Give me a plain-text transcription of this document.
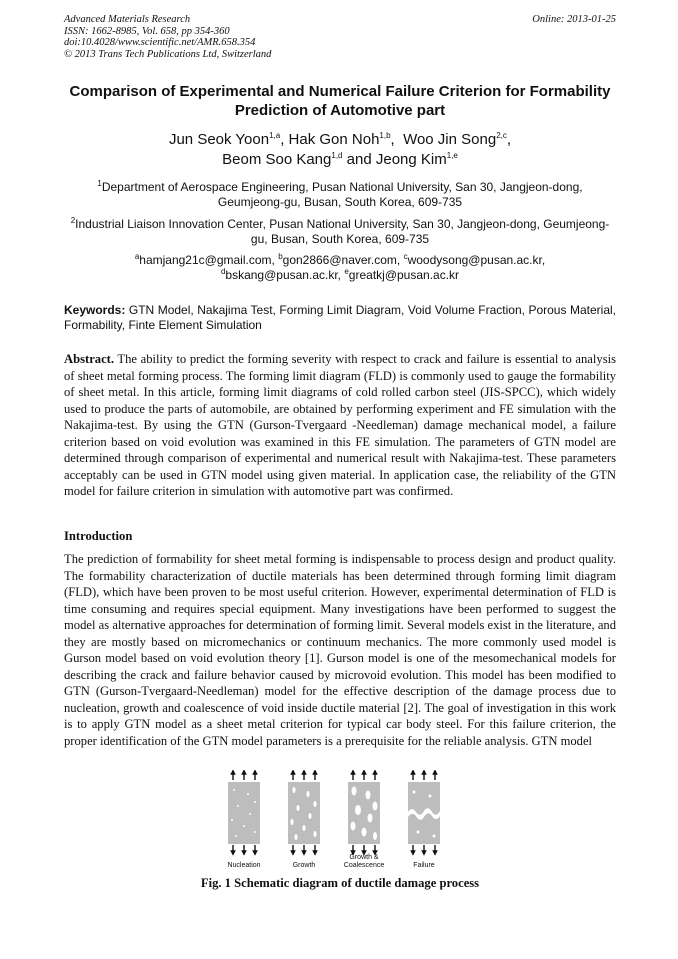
Advanced Materials Research
ISSN: 1662-8985, Vol. 658, pp 354-360
doi:10.4028/www.scientific.net/AMR.658.354
© 2013 Trans Tech Publications Ltd, Switzerland
Online: 2013-01-25
Comparison of Experimental and Numerical Failure Criterion for Formability Prediction of Automotive part
Jun Seok Yoon$^{1,a}$, Hak Gon Noh$^{1,b}$,  Woo Jin Song$^{2,c}$,
Beom Soo Kang$^{1,d}$ and Jeong Kim$^{1,e}$
$^1$Department of Aerospace Engineering, Pusan National University, San 30, Jangjeon-dong, Geumjeong-gu, Busan, South Korea, 609-735
$^2$Industrial Liaison Innovation Center, Pusan National University, San 30, Jangjeon-dong, Geumjeong-gu, Busan, South Korea, 609-735
$^a$hamjang21c@gmail.com, $^b$gon2866@naver.com, $^c$woodysong@pusan.ac.kr,
$^d$bskang@pusan.ac.kr, $^e$greatkj@pusan.ac.kr
Keywords: GTN Model, Nakajima Test, Forming Limit Diagram, Void Volume Fraction, Porous Material, Formability, Finte Element Simulation
Abstract. The ability to predict the forming severity with respect to crack and failure is essential to analysis of sheet metal forming process. The forming limit diagram (FLD) is commonly used to gauge the formability of sheet metal. In this article, forming limit diagrams of cold rolled carbon steel (JIS-SPCC), which widely used to produce the parts of automobile, are obtained by performing experiment and FE simulation with the Nakajima-test. By using the GTN (Gurson-Tvergaard -Needleman) damage mechanical model, a failure criterion based on void evolution was examined in this FE simulation. The parameters of GTN model are determined through comparison of experimental and numerical result with Nakajima-test. These parameters acceptably can be used in GTN model using given material. In application case, the reliability of the GTN model for failure criterion in simulation with automotive part was confirmed.
Introduction
The prediction of formability for sheet metal forming is indispensable to process design and product quality. The formability characterization of ductile materials has been determined through forming limit diagram (FLD), which have been proven to be most useful criterion. However, experimental determination of FLD is time consuming and requires special equipment. Many investigations have been performed to suggest the model as alternative approaches for determination of forming limit. Several models exist in the literature, and they are mostly based on micromechanics or continuum mechanics. The more commonly used model is Gurson model based on void evolution theory [1]. Gurson model is one of the mesomechanical models for describing the crack and failure behavior caused by microvoid evolution. This model has been modified to GTN (Gurson-Tvergaard-Needleman) model for the effective description of the damage process due to nucleation, growth and coalescence of void inside ductile material [2]. The goal of investigation in this work is to apply GTN model as a sheet metal criterion for typical car body steel. For this failure criterion, the proper identification of the GTN model parameters is a prerequisite for the reliable analysis. GTN model
Nucleation	Growth
Growth &
Coalescence	Failure
Fig. 1 Schematic diagram of ductile damage process
